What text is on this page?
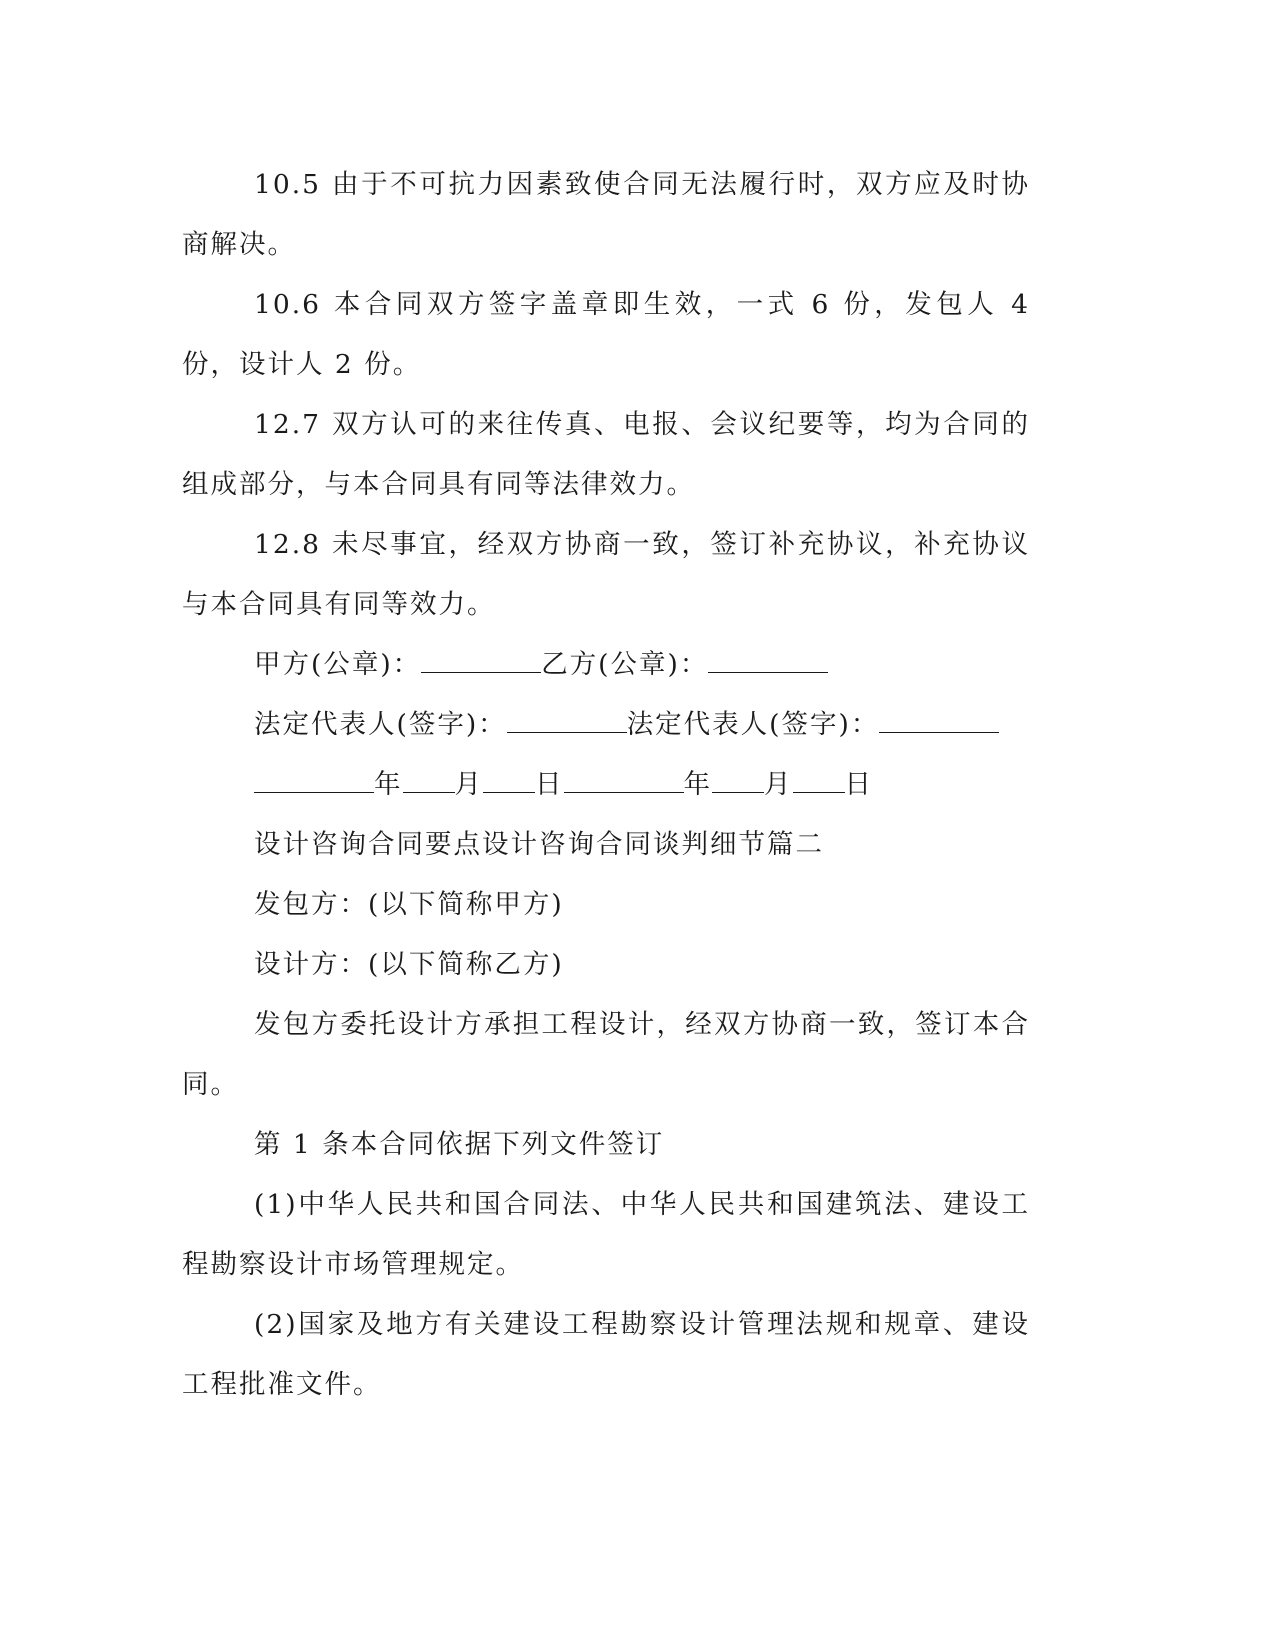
10.5 由于不可抗力因素致使合同无法履行时，双方应及时协商解决。

10.6 本合同双方签字盖章即生效，一式 6 份，发包人 4 份，设计人 2 份。

12.7 双方认可的来往传真、电报、会议纪要等，均为合同的组成部分，与本合同具有同等法律效力。

12.8 未尽事宜，经双方协商一致，签订补充协议，补充协议与本合同具有同等效力。

甲方(公章)：	乙方(公章)：
法定代表人(签字)：	法定代表人(签字)：
年 月 日	年 月 日
设计咨询合同要点设计咨询合同谈判细节篇二
发包方：(以下简称甲方)
设计方：(以下简称乙方)

发包方委托设计方承担工程设计，经双方协商一致，签订本合同。

第 1 条本合同依据下列文件签订

(1)中华人民共和国合同法、中华人民共和国建筑法、建设工程勘察设计市场管理规定。

(2)国家及地方有关建设工程勘察设计管理法规和规章、建设工程批准文件。
